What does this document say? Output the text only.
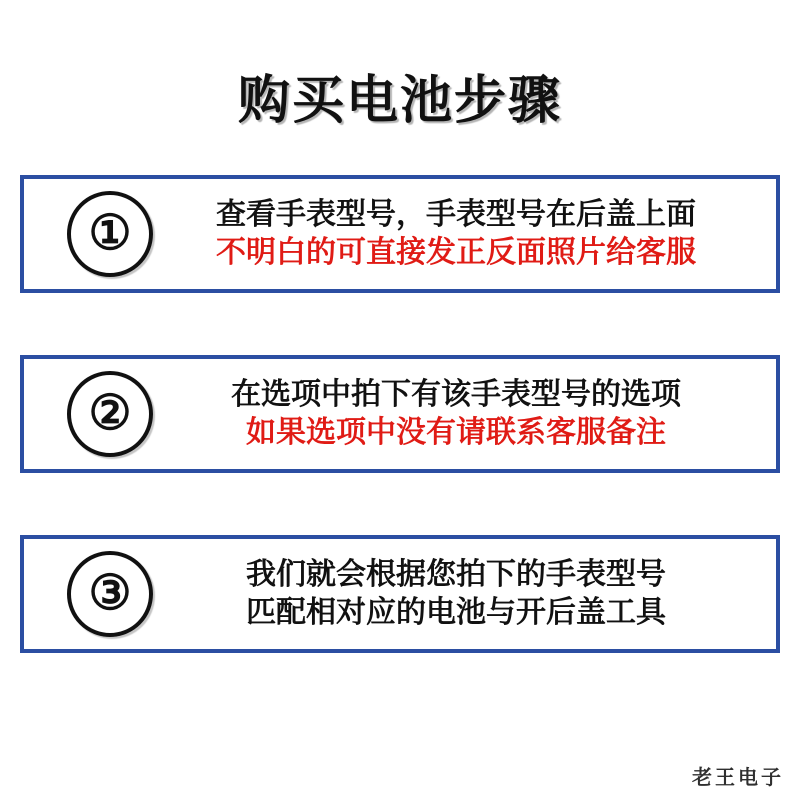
购买电池步骤
①	查看手表型号，手表型号在后盖上面
不明白的可直接发正反面照片给客服
②	在选项中拍下有该手表型号的选项
如果选项中没有请联系客服备注
③	我们就会根据您拍下的手表型号
匹配相对应的电池与开后盖工具
老王电子
